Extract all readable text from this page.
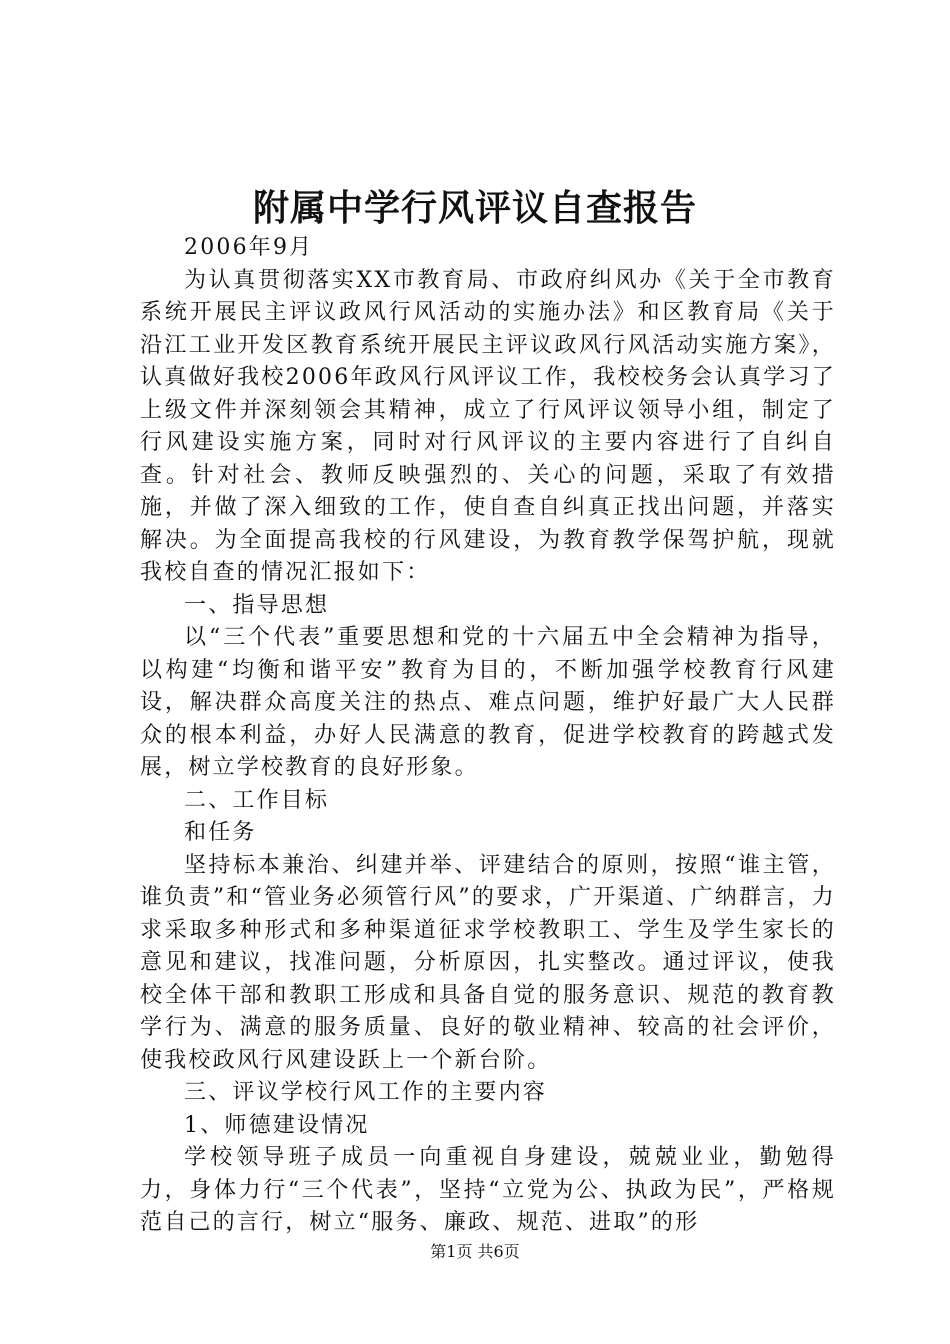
附属中学行风评议自查报告

2006年9月

为认真贯彻落实XX市教育局、市政府纠风办《关于全市教育系统开展民主评议政风行风活动的实施办法》和区教育局《关于沿江工业开发区教育系统开展民主评议政风行风活动实施方案》，认真做好我校2006年政风行风评议工作，我校校务会认真学习了上级文件并深刻领会其精神，成立了行风评议领导小组，制定了行风建设实施方案，同时对行风评议的主要内容进行了自纠自查。针对社会、教师反映强烈的、关心的问题，采取了有效措施，并做了深入细致的工作，使自查自纠真正找出问题，并落实解决。为全面提高我校的行风建设，为教育教学保驾护航，现就我校自查的情况汇报如下：

一、指导思想

以“三个代表”重要思想和党的十六届五中全会精神为指导，以构建“均衡和谐平安”教育为目的，不断加强学校教育行风建设，解决群众高度关注的热点、难点问题，维护好最广大人民群众的根本利益，办好人民满意的教育，促进学校教育的跨越式发展，树立学校教育的良好形象。

二、工作目标

和任务

坚持标本兼治、纠建并举、评建结合的原则，按照“谁主管，谁负责”和“管业务必须管行风”的要求，广开渠道、广纳群言，力求采取多种形式和多种渠道征求学校教职工、学生及学生家长的意见和建议，找准问题，分析原因，扎实整改。通过评议，使我校全体干部和教职工形成和具备自觉的服务意识、规范的教育教学行为、满意的服务质量、良好的敬业精神、较高的社会评价，使我校政风行风建设跃上一个新台阶。

三、评议学校行风工作的主要内容

1、师德建设情况

学校领导班子成员一向重视自身建设，兢兢业业，勤勉得力，身体力行“三个代表”，坚持“立党为公、执政为民”，严格规范自己的言行，树立“服务、廉政、规范、进取”的形

第1页 共6页
